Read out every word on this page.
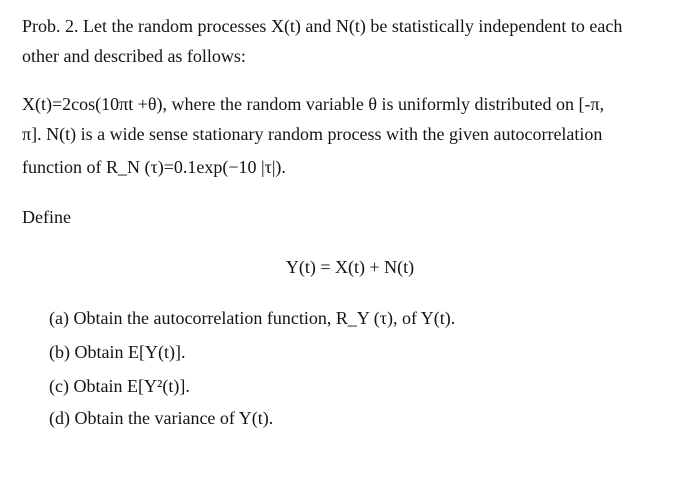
Prob. 2. Let the random processes X(t) and N(t) be statistically independent to each
other and described as follows:
X(t)=2cos(10πt +θ), where the random variable θ is uniformly distributed on [-π,
π]. N(t) is a wide sense stationary random process with the given autocorrelation
function of R_N (τ)=0.1exp(−10 |τ|).
Define
Y(t) = X(t) + N(t)
(a) Obtain the autocorrelation function, R_Y (τ), of Y(t).
(b) Obtain E[Y(t)].
(c) Obtain E[Y²(t)].
(d) Obtain the variance of Y(t).
